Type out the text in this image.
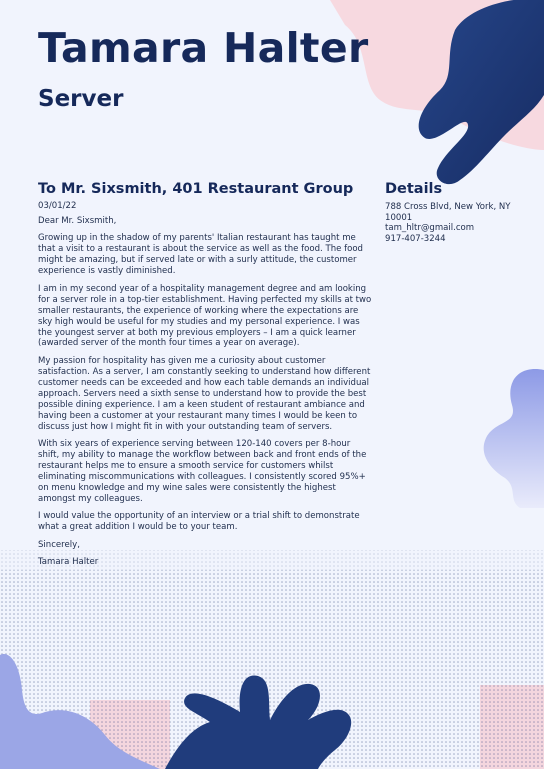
Tamara Halter
Server
To Mr. Sixsmith, 401 Restaurant Group

03/01/22

Dear Mr. Sixsmith,

Growing up in the shadow of my parents' Italian restaurant has taught me that a visit to a restaurant is about the service as well as the food. The food might be amazing, but if served late or with a surly attitude, the customer experience is vastly diminished.

I am in my second year of a hospitality management degree and am looking for a server role in a top-tier establishment. Having perfected my skills at two smaller restaurants, the experience of working where the expectations are sky high would be useful for my studies and my personal experience. I was the youngest server at both my previous employers – I am a quick learner (awarded server of the month four times a year on average).

My passion for hospitality has given me a curiosity about customer satisfaction. As a server, I am constantly seeking to understand how different customer needs can be exceeded and how each table demands an individual approach. Servers need a sixth sense to understand how to provide the best possible dining experience. I am a keen student of restaurant ambiance and having been a customer at your restaurant many times I would be keen to discuss just how I might fit in with your outstanding team of servers.

With six years of experience serving between 120-140 covers per 8-hour shift, my ability to manage the workflow between back and front ends of the restaurant helps me to ensure a smooth service for customers whilst eliminating miscommunications with colleagues. I consistently scored 95%+ on menu knowledge and my wine sales were consistently the highest amongst my colleagues.

I would value the opportunity of an interview or a trial shift to demonstrate what a great addition I would be to your team.

Sincerely,

Tamara Halter

Details
788 Cross Blvd, New York, NY
10001
tam_hltr@gmail.com
917-407-3244
